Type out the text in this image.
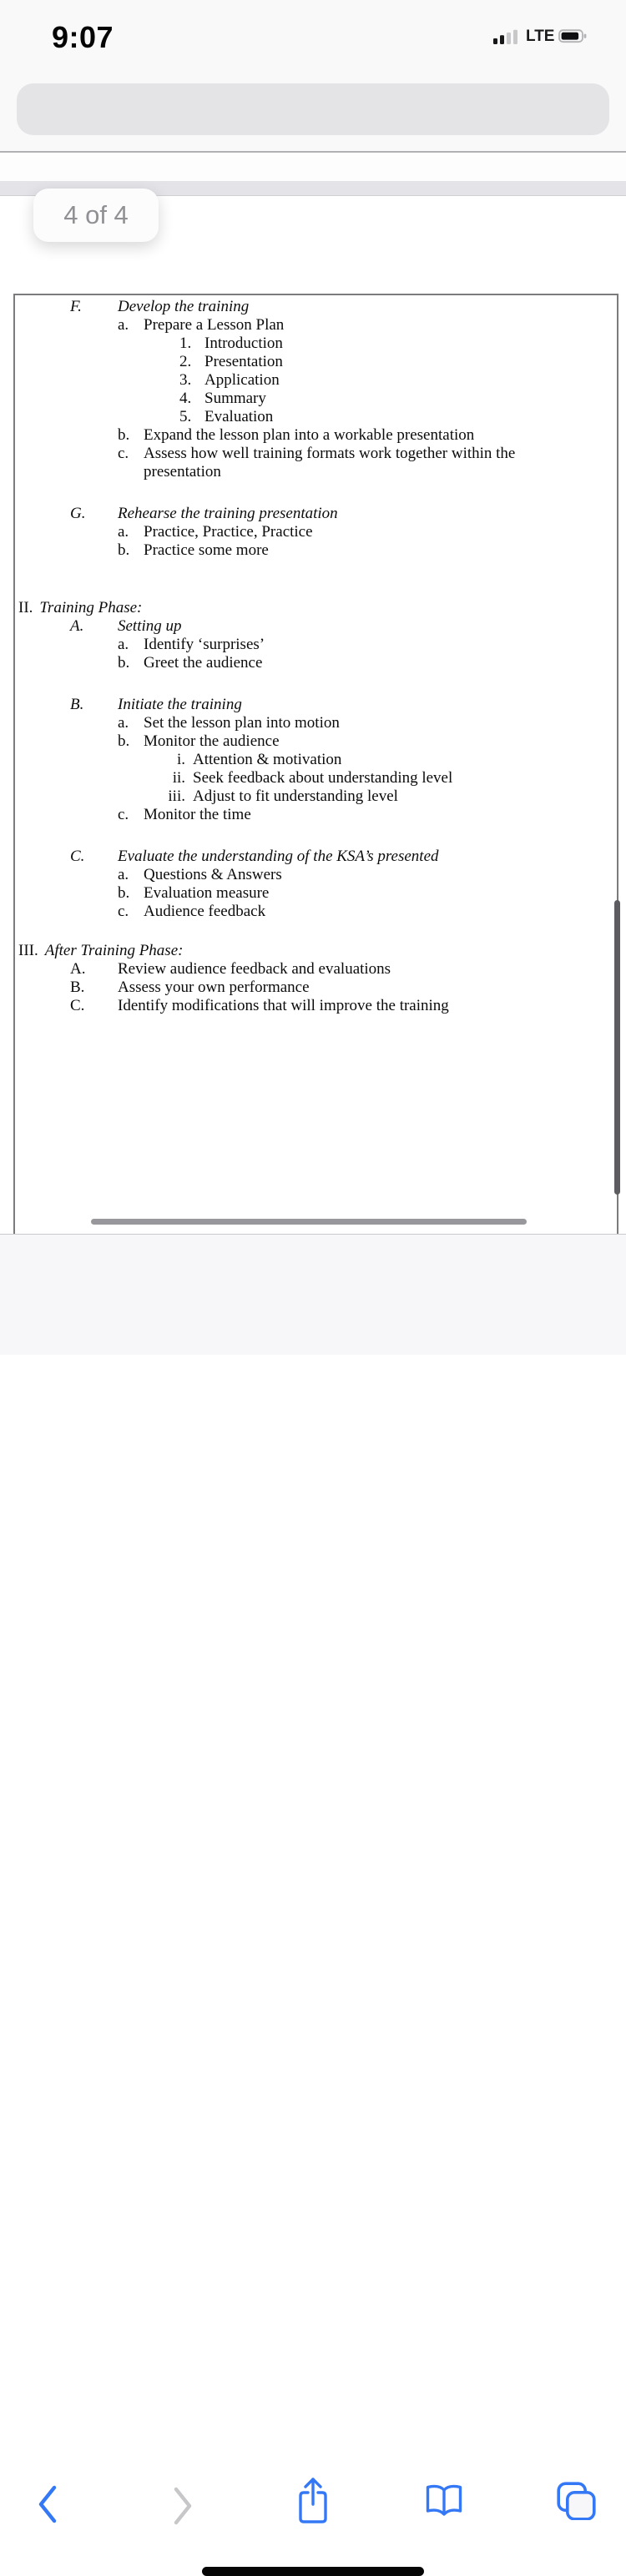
9:07	LTE
4 of 4
F. Develop the training
a. Prepare a Lesson Plan
1. Introduction
2. Presentation
3. Application
4. Summary
5. Evaluation
b. Expand the lesson plan into a workable presentation
c. Assess how well training formats work together within the
presentation
G. Rehearse the training presentation
a. Practice, Practice, Practice
b. Practice some more
II. Training Phase:
A. Setting up
a. Identify ‘surprises’
b. Greet the audience
B. Initiate the training
a. Set the lesson plan into motion
b. Monitor the audience
i. Attention & motivation
ii. Seek feedback about understanding level
iii. Adjust to fit understanding level
c. Monitor the time
C. Evaluate the understanding of the KSA’s presented
a. Questions & Answers
b. Evaluation measure
c. Audience feedback
III. After Training Phase:
A. Review audience feedback and evaluations
B. Assess your own performance
C. Identify modifications that will improve the training
